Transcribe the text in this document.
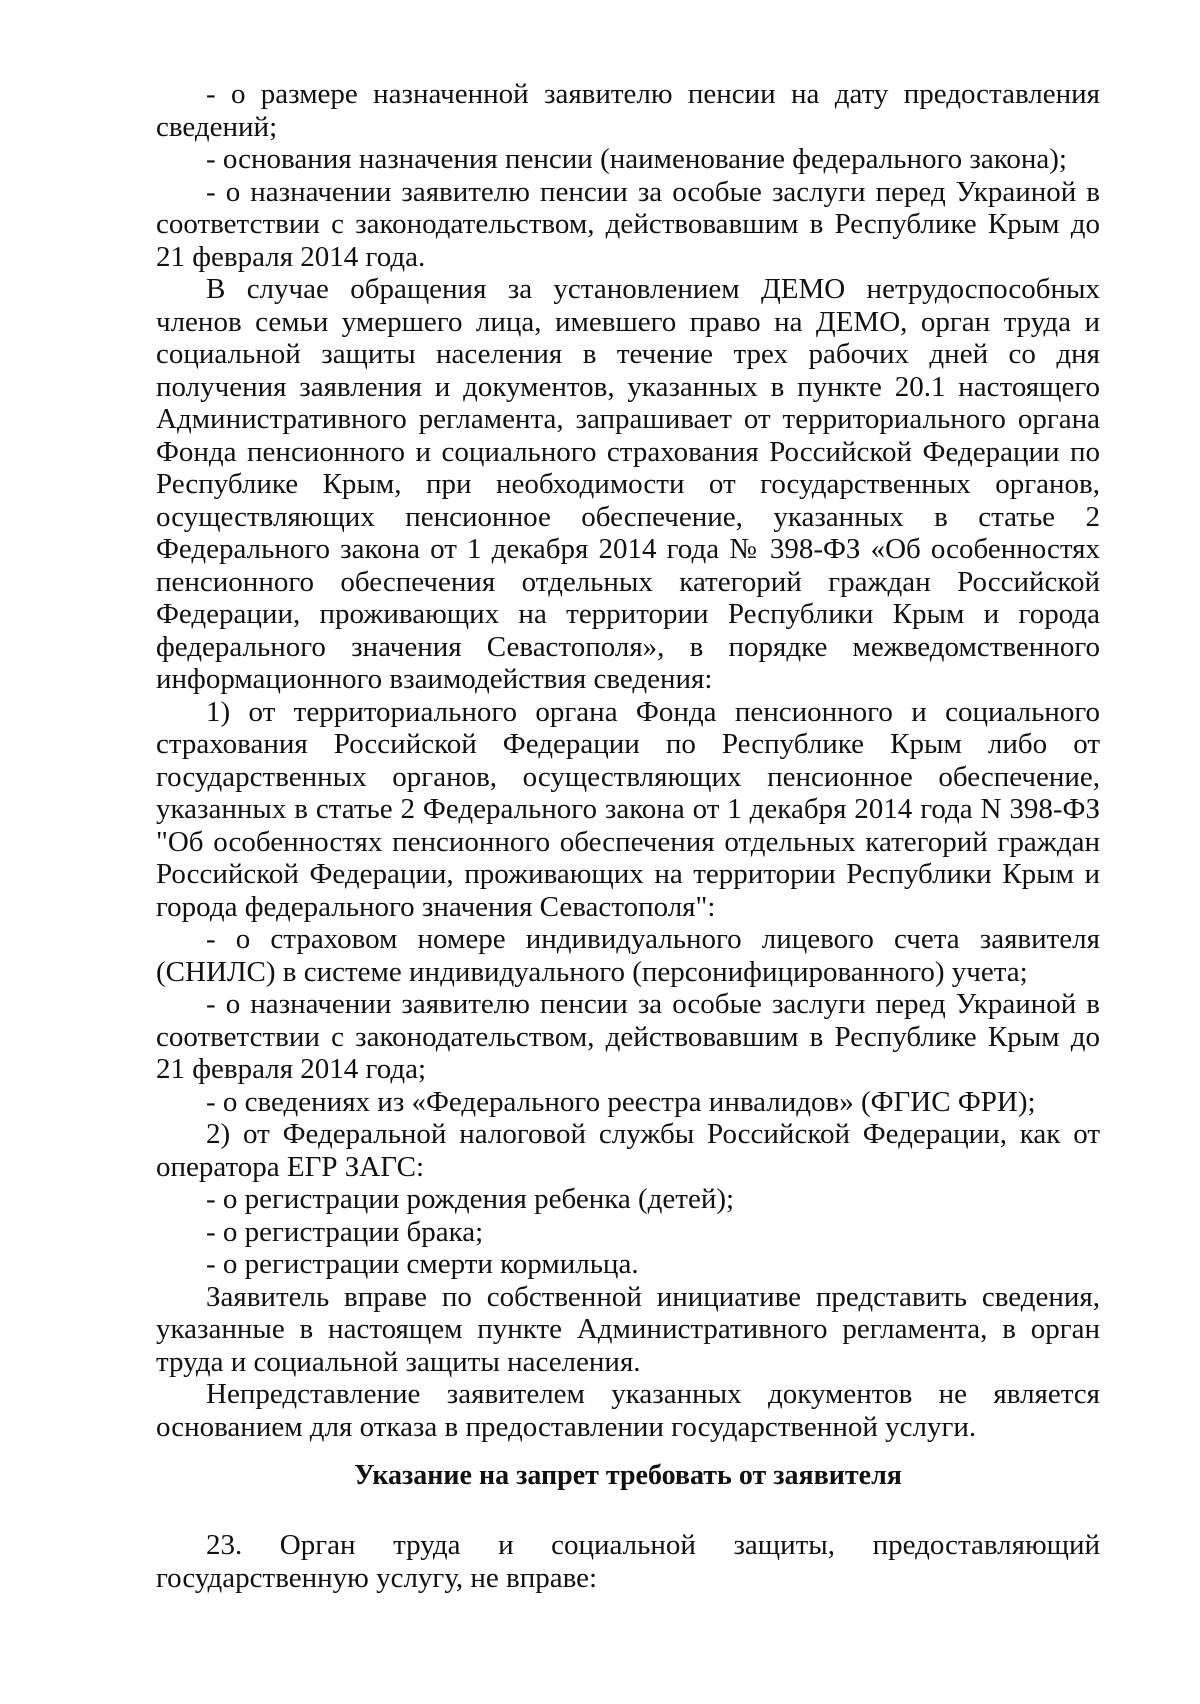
- о размере назначенной заявителю пенсии на дату предоставления сведений;

- основания назначения пенсии (наименование федерального закона);

- о назначении заявителю пенсии за особые заслуги перед Украиной в соответствии с законодательством, действовавшим в Республике Крым до 21 февраля 2014 года.

В случае обращения за установлением ДЕМО нетрудоспособных членов семьи умершего лица, имевшего право на ДЕМО, орган труда и социальной защиты населения в течение трех рабочих дней со дня получения заявления и документов, указанных в пункте 20.1 настоящего Административного регламента, запрашивает от территориального органа Фонда пенсионного и социального страхования Российской Федерации по Республике Крым, при необходимости от государственных органов, осуществляющих пенсионное обеспечение, указанных в статье 2 Федерального закона от 1 декабря 2014 года № 398-ФЗ «Об особенностях пенсионного обеспечения отдельных категорий граждан Российской Федерации, проживающих на территории Республики Крым и города федерального значения Севастополя», в порядке межведомственного информационного взаимодействия сведения:

1) от территориального органа Фонда пенсионного и социального страхования Российской Федерации по Республике Крым либо от государственных органов, осуществляющих пенсионное обеспечение, указанных в статье 2 Федерального закона от 1 декабря 2014 года N 398-ФЗ "Об особенностях пенсионного обеспечения отдельных категорий граждан Российской Федерации, проживающих на территории Республики Крым и города федерального значения Севастополя":

- о страховом номере индивидуального лицевого счета заявителя (СНИЛС) в системе индивидуального (персонифицированного) учета;

- о назначении заявителю пенсии за особые заслуги перед Украиной в соответствии с законодательством, действовавшим в Республике Крым до 21 февраля 2014 года;

- о сведениях из «Федерального реестра инвалидов» (ФГИС ФРИ);

2) от Федеральной налоговой службы Российской Федерации, как от оператора ЕГР ЗАГС:

- о регистрации рождения ребенка (детей);

- о регистрации брака;

- о регистрации смерти кормильца.

Заявитель вправе по собственной инициативе представить сведения, указанные в настоящем пункте Административного регламента, в орган труда и социальной защиты населения.

Непредставление заявителем указанных документов не является основанием для отказа в предоставлении государственной услуги.

Указание на запрет требовать от заявителя

23. Орган труда и социальной защиты, предоставляющий государственную услугу, не вправе:
